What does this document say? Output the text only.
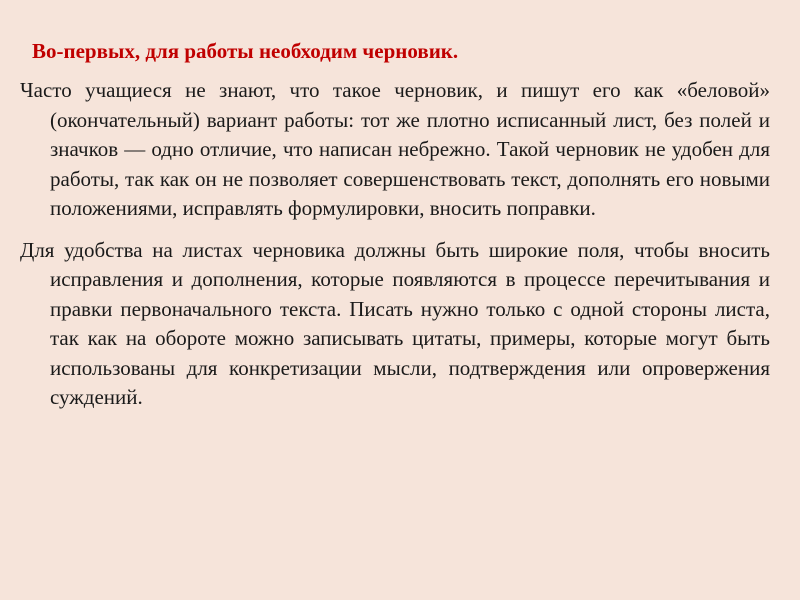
Во-первых, для работы необходим черновик.

Часто учащиеся не знают, что такое черновик, и пишут его как «беловой» (окончательный) вариант работы: тот же плотно исписанный лист, без полей и значков — одно отличие, что написан небрежно. Такой черновик не удобен для работы, так как он не позволяет совершенствовать текст, дополнять его новыми положениями, исправлять формулировки, вносить поправки.

Для удобства на листах черновика должны быть широкие поля, чтобы вносить исправления и дополнения, которые появляются в процессе перечитывания и правки первоначального текста. Писать нужно только с одной стороны листа, так как на обороте можно записывать цитаты, примеры, которые могут быть использованы для конкретизации мысли, подтверждения или опровержения суждений.
